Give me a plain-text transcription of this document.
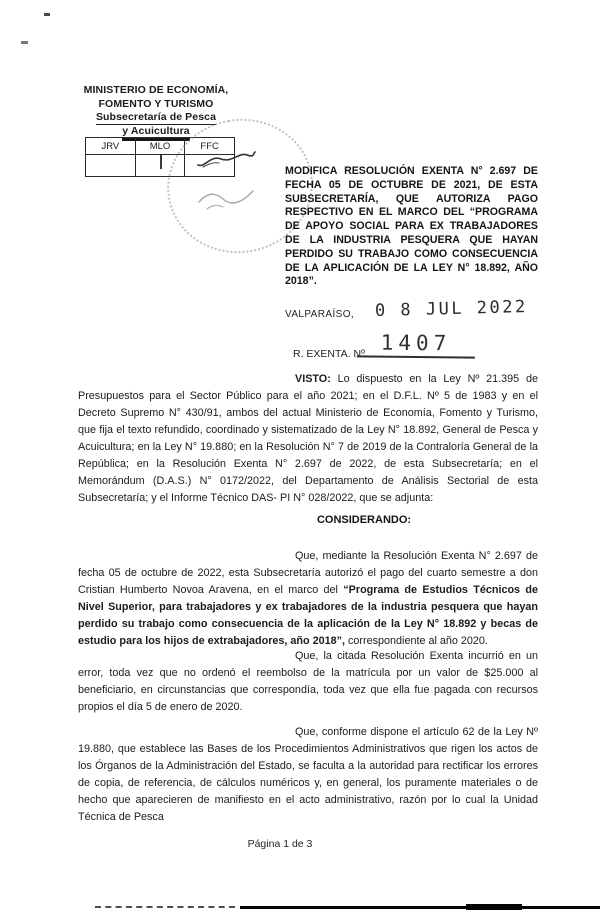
MINISTERIO DE ECONOMÍA,
FOMENTO Y TURISMO
Subsecretaría de Pesca
y Acuicultura
JRV	MLO	FFC

MODIFICA RESOLUCIÓN EXENTA N° 2.697 DE FECHA 05 DE OCTUBRE DE 2021, DE ESTA SUBSECRETARÍA, QUE AUTORIZA PAGO RESPECTIVO EN EL MARCO DEL “PROGRAMA DE APOYO SOCIAL PARA EX TRABAJADORES DE LA INDUSTRIA PESQUERA QUE HAYAN PERDIDO SU TRABAJO COMO CONSECUENCIA DE LA APLICACIÓN DE LA LEY N° 18.892, AÑO 2018”.
VALPARAÍSO, 0 8 JUL 2022
R. EXENTA. Nº 1407

VISTO: Lo dispuesto en la Ley Nº 21.395 de Presupuestos para el Sector Público para el año 2021; en el D.F.L. Nº 5 de 1983 y en el Decreto Supremo N° 430/91, ambos del actual Ministerio de Economía, Fomento y Turismo, que fija el texto refundido, coordinado y sistematizado de la Ley N° 18.892, General de Pesca y Acuicultura; en la Ley N° 19.880; en la Resolución N° 7 de 2019 de la Contraloría General de la República; en la Resolución Exenta N° 2.697 de 2022, de esta Subsecretaría; en el Memorándum (D.A.S.) N° 0172/2022, del Departamento de Análisis Sectorial de esta Subsecretaría; y el Informe Técnico DAS- PI N° 028/2022, que se adjunta:

CONSIDERANDO:

Que, mediante la Resolución Exenta N° 2.697 de fecha 05 de octubre de 2022, esta Subsecretaría autorizó el pago del cuarto semestre a don Cristian Humberto Novoa Aravena, en el marco del “Programa de Estudios Técnicos de Nivel Superior, para trabajadores y ex trabajadores de la industria pesquera que hayan perdido su trabajo como consecuencia de la aplicación de la Ley N° 18.892 y becas de estudio para los hijos de extrabajadores, año 2018”, correspondiente al año 2020.

Que, la citada Resolución Exenta incurrió en un error, toda vez que no ordenó el reembolso de la matrícula por un valor de $25.000 al beneficiario, en circunstancias que correspondía, toda vez que ella fue pagada con recursos propios el día 5 de enero de 2020.

Que, conforme dispone el artículo 62 de la Ley Nº 19.880, que establece las Bases de los Procedimientos Administrativos que rigen los actos de los Órganos de la Administración del Estado, se faculta a la autoridad para rectificar los errores de copia, de referencia, de cálculos numéricos y, en general, los puramente materiales o de hecho que aparecieren de manifiesto en el acto administrativo, razón por lo cual la Unidad Técnica de Pesca

Página 1 de 3
